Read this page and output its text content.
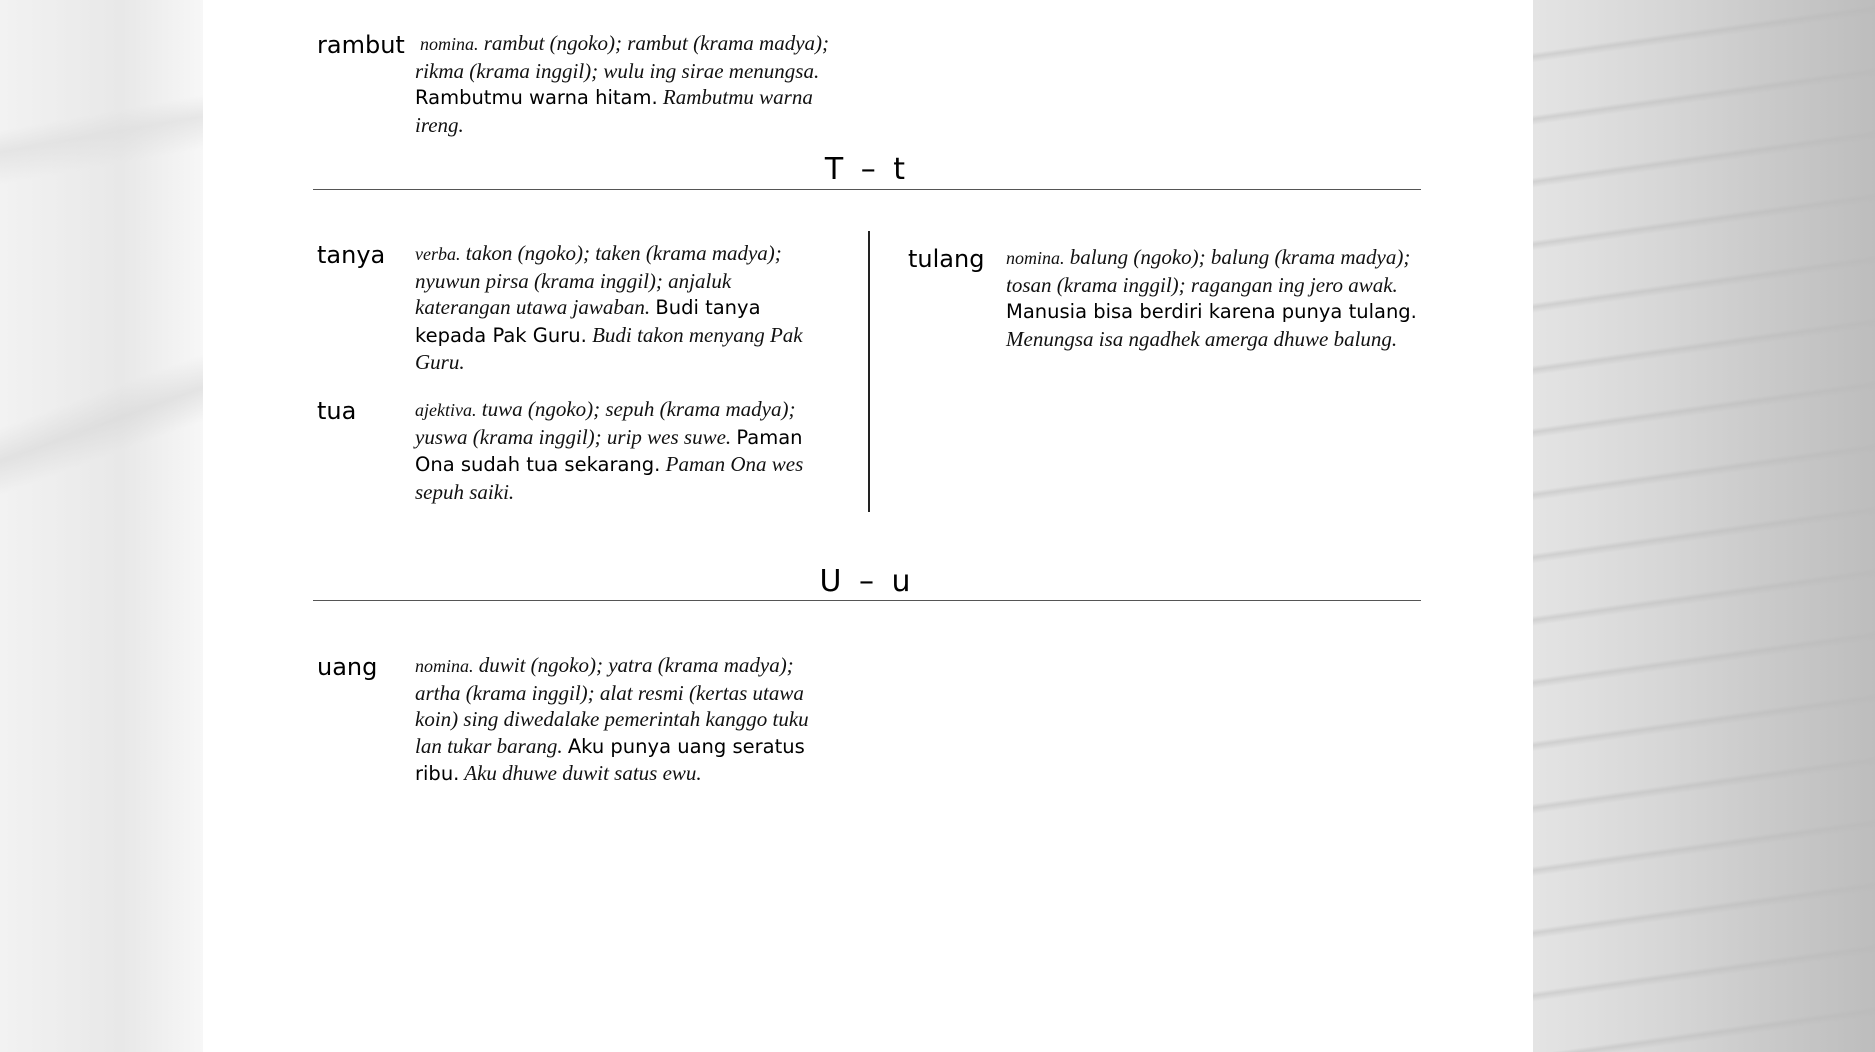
rambut nomina. rambut (ngoko); rambut (krama madya); rikma (krama inggil); wulu ing sirae menungsa. Rambutmu warna hitam. Rambutmu warna ireng.
T – t
tanya verba. takon (ngoko); taken (krama madya); nyuwun pirsa (krama inggil); anjaluk katerangan utawa jawaban. Budi tanya kepada Pak Guru. Budi takon menyang Pak Guru.
tua	ajektiva. tuwa (ngoko); sepuh (krama madya); yuswa (krama inggil); urip wes suwe. Paman Ona sudah tua sekarang. Paman Ona wes sepuh saiki.
tulang nomina. balung (ngoko); balung (krama madya); tosan (krama inggil); ragangan ing jero awak. Manusia bisa berdiri karena punya tulang. Menungsa isa ngadhek amerga dhuwe balung.
U – u
uang nomina. duwit (ngoko); yatra (krama madya); artha (krama inggil); alat resmi (kertas utawa koin) sing diwedalake pemerintah kanggo tuku lan tukar barang. Aku punya uang seratus ribu. Aku dhuwe duwit satus ewu.
